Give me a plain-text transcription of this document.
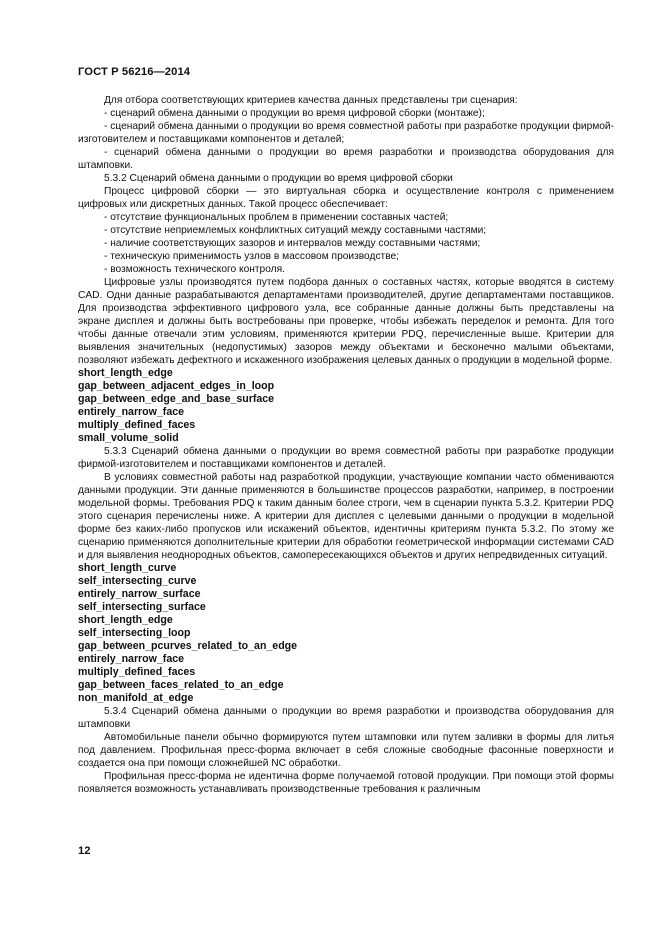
ГОСТ Р 56216—2014

Для отбора соответствующих критериев качества данных представлены три сценария:

- сценарий обмена данными о продукции во время цифровой сборки (монтаже);

- сценарий обмена данными о продукции во время совместной работы при разработке продукции фирмой-изготовителем и поставщиками компонентов и деталей;

- сценарий обмена данными о продукции во время разработки и производства оборудования для штамповки.

5.3.2 Сценарий обмена данными о продукции во время цифровой сборки

Процесс цифровой сборки — это виртуальная сборка и осуществление контроля с применением цифровых или дискретных данных. Такой процесс обеспечивает:

- отсутствие функциональных проблем в применении составных частей;

- отсутствие неприемлемых конфликтных ситуаций между составными частями;

- наличие соответствующих зазоров и интервалов между составными частями;

- техническую применимость узлов в массовом производстве;

- возможность технического контроля.

Цифровые узлы производятся путем подбора данных о составных частях, которые вводятся в систему CAD. Одни данные разрабатываются департаментами производителей, другие департаментами поставщиков. Для производства эффективного цифрового узла, все собранные данные должны быть представлены на экране дисплея и должны быть востребованы при проверке, чтобы избежать переделок и ремонта. Для того чтобы данные отвечали этим условиям, применяются критерии PDQ, перечисленные выше. Критерии для выявления значительных (недопустимых) зазоров между объектами и бесконечно малыми объектами, позволяют избежать дефектного и искаженного изображения целевых данных о продукции в модельной форме.

short_length_edge

gap_between_adjacent_edges_in_loop

gap_between_edge_and_base_surface

entirely_narrow_face

multiply_defined_faces

small_volume_solid

5.3.3 Сценарий обмена данными о продукции во время совместной работы при разработке продукции фирмой-изготовителем и поставщиками компонентов и деталей.

В условиях совместной работы над разработкой продукции, участвующие компании часто обмениваются данными продукции. Эти данные применяются в большинстве процессов разработки, например, в построении модельной формы. Требования PDQ к таким данным более строги, чем в сценарии пункта 5.3.2. Критерии PDQ этого сценария перечислены ниже. А критерии для дисплея с целевыми данными о продукции в модельной форме без каких-либо пропусков или искажений объектов, идентичны критериям пункта 5.3.2. По этому же сценарию применяются дополнительные критерии для обработки геометрической информации системами CAD и для выявления неоднородных объектов, самопересекающихся объектов и других непредвиденных ситуаций.

short_length_curve

self_intersecting_curve

entirely_narrow_surface

self_intersecting_surface

short_length_edge

self_intersecting_loop

gap_between_pcurves_related_to_an_edge

entirely_narrow_face

multiply_defined_faces

gap_between_faces_related_to_an_edge

non_manifold_at_edge

5.3.4 Сценарий обмена данными о продукции во время разработки и производства оборудования для штамповки

Автомобильные панели обычно формируются путем штамповки или путем заливки в формы для литья под давлением. Профильная пресс-форма включает в себя сложные свободные фасонные поверхности и создается она при помощи сложнейшей NC обработки.

Профильная пресс-форма не идентична форме получаемой готовой продукции. При помощи этой формы появляется возможность устанавливать производственные требования к различным

12
